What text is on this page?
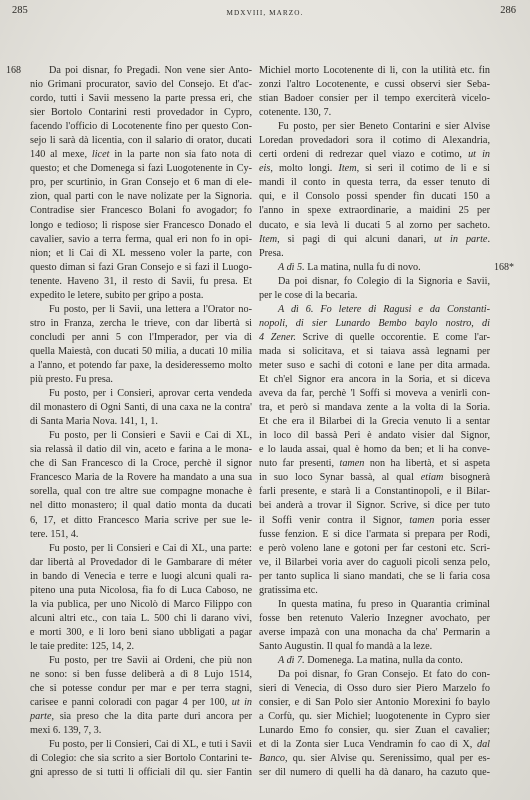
285	MDXVIII, MARZO.	286
168
168*
Da poi disnar, fo Pregadi. Non vene sier Anto-
nio Grimani procurator, savio del Consejo. Et d'ac-
cordo, tutti i Savii messeno la parte pressa eri, che
sier Bortolo Contarini resti provedador in Cypro,
facendo l'officio di Locotenente fino per questo Con-
sejo li sarà dà licentia, con il salario di orator, ducati
140 al mexe, licet in la parte non sia fato nota di
questo; et che Domenega si fazi Luogotenente in Cy-
pro, per scurtinio, in Gran Consejo et 6 man di ele-
zion, qual parti con le nave nolizate per la Signoria.
Contradise sier Francesco Bolani fo avogador; fo
longo e tedioso; li rispose sier Francesco Donado el
cavalier, savio a terra ferma, qual eri non fo in opi-
nion; et li Cai di XL messeno voler la parte, con
questo diman si fazi Gran Consejo e si fazi il Luogo-
tenente. Haveno 31, il resto di Savii, fu presa. Et
expedito le letere, subito per gripo a posta.
Fu posto, per li Savii, una lettera a l'Orator no-
stro in Franza, zercha le trieve, con dar libertà si
concludi per anni 5 con l'Imperador, per via di
quella Maiestà, con ducati 50 milia, a ducati 10 milia
a l'anno, et potendo far paxe, la desideressemo molto
più presto. Fu presa.
Fu posto, per i Consieri, aprovar certa vendeda
dil monastero di Ogni Santi, di una caxa ne la contra'
di Santa Maria Nova. 141, 1, 1.
Fu posto, per li Consieri e Savii e Cai di XL,
sia relassà il datio dil vin, aceto e farina a le mona-
che di San Francesco di la Croce, perchè il signor
Francesco Maria de la Rovere ha mandato a una sua
sorella, qual con tre altre sue compagne monache è
nel ditto monastero; il qual datio monta da ducati
6, 17, et ditto Francesco Maria scrive per sue le-
tere. 151, 4.
Fu posto, per li Consieri e Cai di XL, una parte:
dar libertà al Provedador di le Gambarare di méter
in bando di Venecia e terre e luogi alcuni quali ra-
piteno una puta Nicolosa, fia fo di Luca Caboso, ne
la via publica, per uno Nicolò di Marco Filippo con
alcuni altri etc., con taia L. 500 chi li darano vivi,
e morti 300, e li loro beni siano ubbligati a pagar
le taie predite: 125, 14, 2.
Fu posto, per tre Savii ai Ordeni, che più non
ne sono: si ben fusse deliberà a dì 8 Lujo 1514,
che si potesse condur per mar e per terra stagni,
carisee e panni coloradi con pagar 4 per 100, ut in
parte, sia preso che la dita parte duri ancora per
mexi 6. 139, 7, 3.
Fu posto, per li Consieri, Cai di XL, e tuti i Savii
di Colegio: che sia scrito a sier Bortolo Contarini te-
gni apresso de si tutti li officiali dil qu. sier Fantin
Michiel morto Locotenente di li, con la utilità etc. fin
zonzi l'altro Locotenente, e cussi observi sier Seba-
stian Badoer consier per il tempo exerciterà vicelo-
cotenente. 130, 7.
Fu posto, per sier Beneto Contarini e sier Alvise
Loredan provedadori sora il cotimo di Alexandria,
certi ordeni di redrezar quel viazo e cotimo, ut in
eis, molto longi. Item, si seri il cotimo de li e si
mandi il conto in questa terra, da esser tenuto di
qui, e il Consolo possi spender fin ducati 150 a
l'anno in spexe extraordinarie, a maidini 25 per
ducato, e sia levà li ducati 5 al zorno per sacheto.
Item, si pagi di qui alcuni danari, ut in parte.
Presa.
A dì 5. La matina, nulla fu di novo.
Da poi disnar, fo Colegio di la Signoria e Savii,
per le cose di la becaria.
A dì 6. Fo letere di Ragusi e da Constanti-
nopoli, di sier Lunardo Bembo baylo nostro, di
4 Zener. Scrive di quelle occorentie. E come l'ar-
mada si solicitava, et si taiava assà legnami per
meter suso e sachi di cotoni e lane per dita armada.
Et ch'el Signor era ancora in la Soria, et si diceva
aveva da far, perchè 'l Soffi si moveva a venirli con-
tra, et però si mandava zente a la volta di la Soria.
Et che era il Bilarbei di la Grecia venuto li a sentar
in loco dil bassà Peri è andato visier dal Signor,
e lo lauda assai, qual è homo da ben; et li ha conve-
nuto far presenti, tamen non ha libertà, et si aspeta
in suo loco Synar bassà, al qual etiam bisognerà
farli presente, e starà li a Constantinopoli, e il Bilar-
bei anderà a trovar il Signor. Scrive, si dice per tuto
il Soffi venir contra il Signor, tamen poria esser
fusse fenzion. E si dice l'armata si prepara per Rodi,
e però voleno lane e gotoni per far cestoni etc. Scri-
ve, il Bilarbei voria aver do caguoli picoli senza pelo,
per tanto suplica li siano mandati, che se li faria cosa
gratissima etc.
In questa matina, fu preso in Quarantia criminal
fosse ben retenuto Valerio Inzegner avochato, per
averse impazà con una monacha da cha' Permarin a
Santo Augustin. Il qual fo mandà a la leze.
A dì 7. Domenega. La matina, nulla da conto.
Da poi disnar, fo Gran Consejo. Et fato do con-
sieri di Venecia, di Osso duro sier Piero Marzelo fo
consier, e di San Polo sier Antonio Morexini fo baylo
a Corfù, qu. sier Michiel; luogotenente in Cypro sier
Lunardo Emo fo consier, qu. sier Zuan el cavalier;
et di la Zonta sier Luca Vendramin fo cao di X, dal
Banco, qu. sier Alvise qu. Serenissimo, qual per es-
ser dil numero di quelli ha dà danaro, ha cazuto que-
